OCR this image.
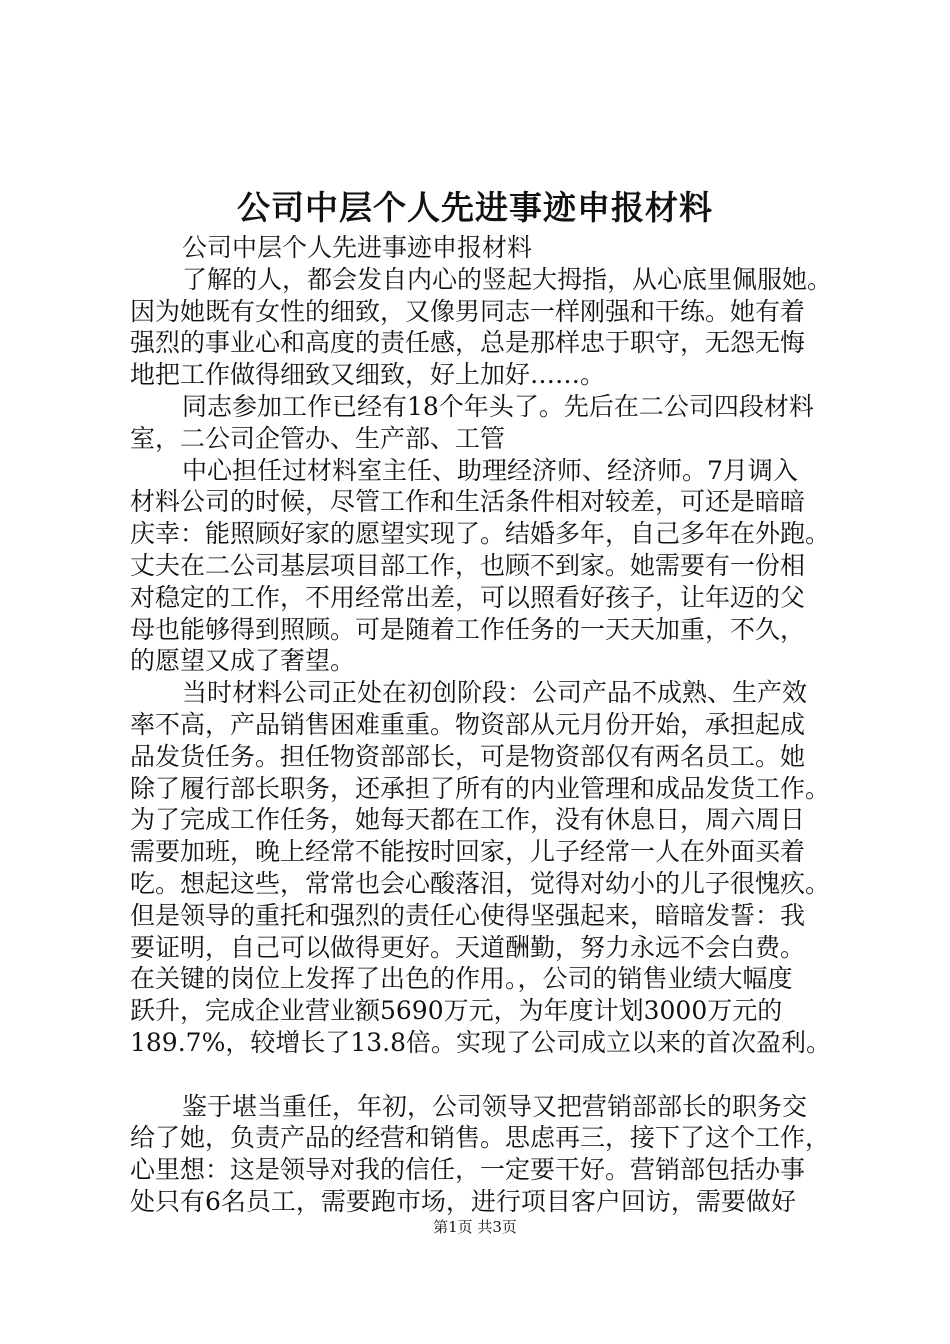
公司中层个人先进事迹申报材料
公司中层个人先进事迹申报材料
了解的人，都会发自内心的竖起大拇指，从心底里佩服她。
因为她既有女性的细致，又像男同志一样刚强和干练。她有着
强烈的事业心和高度的责任感，总是那样忠于职守，无怨无悔
地把工作做得细致又细致，好上加好……。
同志参加工作已经有18个年头了。先后在二公司四段材料
室，二公司企管办、生产部、工管
中心担任过材料室主任、助理经济师、经济师。7月调入
材料公司的时候，尽管工作和生活条件相对较差，可还是暗暗
庆幸：能照顾好家的愿望实现了。结婚多年，自己多年在外跑。
丈夫在二公司基层项目部工作，也顾不到家。她需要有一份相
对稳定的工作，不用经常出差，可以照看好孩子，让年迈的父
母也能够得到照顾。可是随着工作任务的一天天加重，不久，
的愿望又成了奢望。
当时材料公司正处在初创阶段：公司产品不成熟、生产效
率不高，产品销售困难重重。物资部从元月份开始，承担起成
品发货任务。担任物资部部长，可是物资部仅有两名员工。她
除了履行部长职务，还承担了所有的内业管理和成品发货工作。
为了完成工作任务，她每天都在工作，没有休息日，周六周日
需要加班，晚上经常不能按时回家，儿子经常一人在外面买着
吃。想起这些，常常也会心酸落泪，觉得对幼小的儿子很愧疚。
但是领导的重托和强烈的责任心使得坚强起来，暗暗发誓：我
要证明，自己可以做得更好。天道酬勤，努力永远不会白费。
在关键的岗位上发挥了出色的作用。，公司的销售业绩大幅度
跃升，完成企业营业额5690万元，为年度计划3000万元的
189.7%，较增长了13.8倍。实现了公司成立以来的首次盈利。
鉴于堪当重任，年初，公司领导又把营销部部长的职务交
给了她，负责产品的经营和销售。思虑再三，接下了这个工作，
心里想：这是领导对我的信任，一定要干好。营销部包括办事
处只有6名员工，需要跑市场，进行项目客户回访，需要做好
第1页 共3页
